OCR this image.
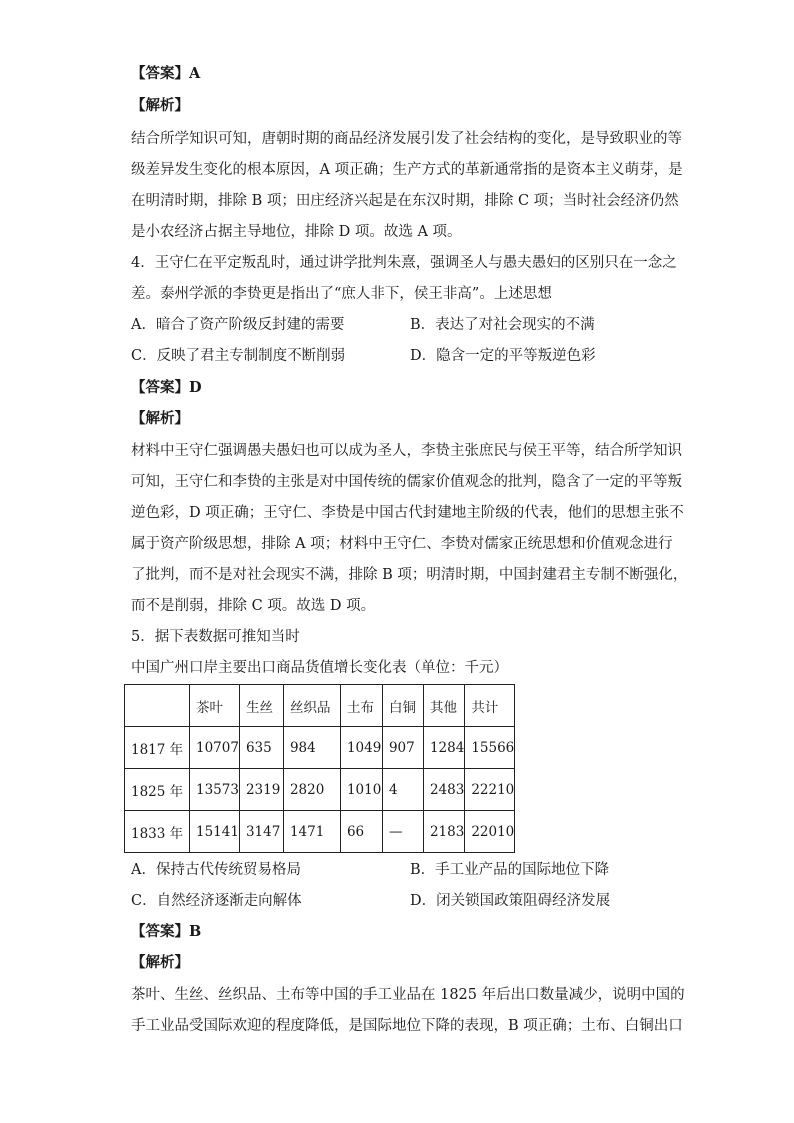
【答案】A
【解析】
结合所学知识可知，唐朝时期的商品经济发展引发了社会结构的变化，是导致职业的等
级差异发生变化的根本原因，A 项正确；生产方式的革新通常指的是资本主义萌芽，是
在明清时期，排除 B 项；田庄经济兴起是在东汉时期，排除 C 项；当时社会经济仍然
是小农经济占据主导地位，排除 D 项。故选 A 项。
4．王守仁在平定叛乱时，通过讲学批判朱熹，强调圣人与愚夫愚妇的区别只在一念之
差。泰州学派的李贽更是指出了“庶人非下，侯王非高”。上述思想
A．暗合了资产阶级反封建的需要	B．表达了对社会现实的不满
C．反映了君主专制制度不断削弱	D．隐含一定的平等叛逆色彩
【答案】D
【解析】
材料中王守仁强调愚夫愚妇也可以成为圣人，李贽主张庶民与侯王平等，结合所学知识
可知，王守仁和李贽的主张是对中国传统的儒家价值观念的批判，隐含了一定的平等叛
逆色彩，D 项正确；王守仁、李贽是中国古代封建地主阶级的代表，他们的思想主张不
属于资产阶级思想，排除 A 项；材料中王守仁、李贽对儒家正统思想和价值观念进行
了批判，而不是对社会现实不满，排除 B 项；明清时期，中国封建君主专制不断强化，
而不是削弱，排除 C 项。故选 D 项。
5．据下表数据可推知当时
中国广州口岸主要出口商品货值增长变化表（单位：千元）
	茶叶	生丝	丝织品	土布	白铜	其他	共计
1817 年	10707	635	984	1049	907	1284	15566
1825 年	13573	2319	2820	1010	4	2483	22210
1833 年	15141	3147	1471	66	—	2183	22010
A．保持古代传统贸易格局	B．手工业产品的国际地位下降
C．自然经济逐渐走向解体	D．闭关锁国政策阻碍经济发展
【答案】B
【解析】
茶叶、生丝、丝织品、土布等中国的手工业品在 1825 年后出口数量减少，说明中国的
手工业品受国际欢迎的程度降低，是国际地位下降的表现，B 项正确；土布、白铜出口
